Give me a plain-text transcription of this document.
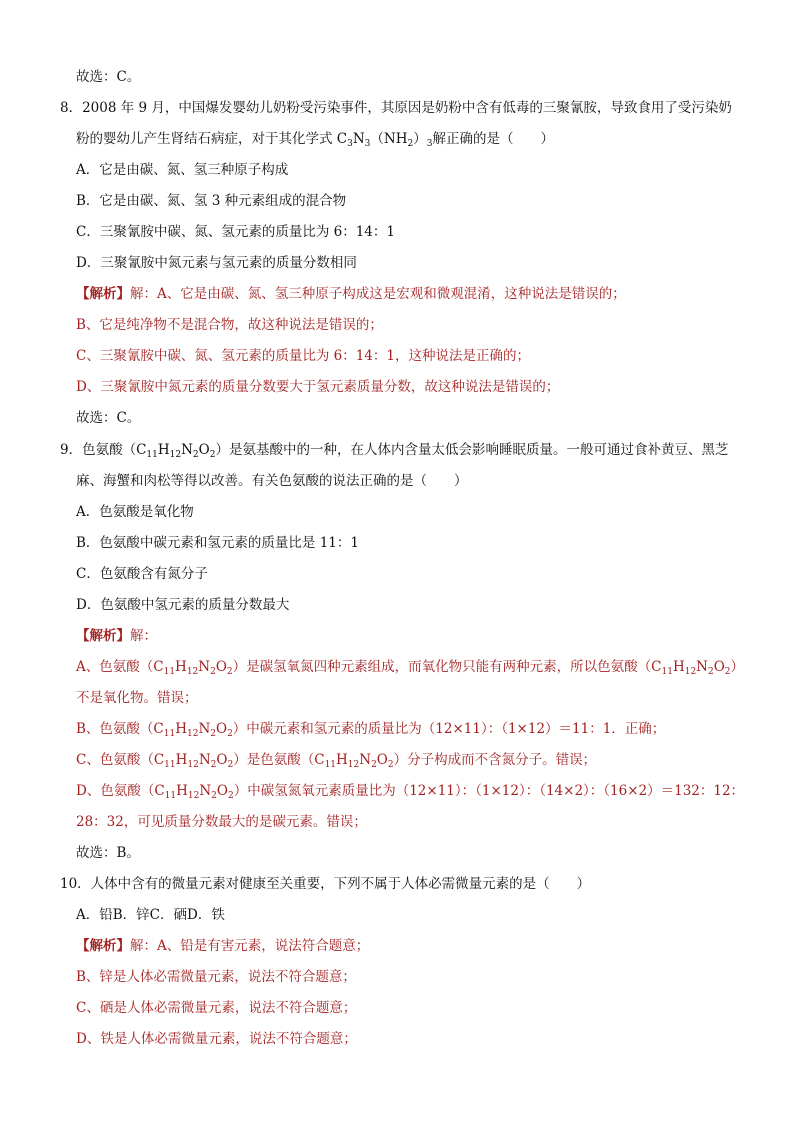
故选：C。
8．2008 年 9 月，中国爆发婴幼儿奶粉受污染事件，其原因是奶粉中含有低毒的三聚氰胺，导致食用了受污染奶
粉的婴幼儿产生肾结石病症，对于其化学式 $C_3N_3(NH_2)_3$解正确的是（　　）
A．它是由碳、氮、氢三种原子构成
B．它是由碳、氮、氢 3 种元素组成的混合物
C．三聚氰胺中碳、氮、氢元素的质量比为 6：14：1
D．三聚氰胺中氮元素与氢元素的质量分数相同
【解析】解：A、它是由碳、氮、氢三种原子构成这是宏观和微观混淆，这种说法是错误的；
B、它是纯净物不是混合物，故这种说法是错误的；
C、三聚氰胺中碳、氮、氢元素的质量比为 6：14：1，这种说法是正确的；
D、三聚氰胺中氮元素的质量分数要大于氢元素质量分数，故这种说法是错误的；
故选：C。
9．色氨酸$(C_{11}H_{12}N_2O_2)$是氨基酸中的一种，在人体内含量太低会影响睡眠质量。一般可通过食补黄豆、黑芝
麻、海蟹和肉松等得以改善。有关色氨酸的说法正确的是（　　）
A．色氨酸是氧化物
B．色氨酸中碳元素和氢元素的质量比是 11：1
C．色氨酸含有氮分子
D．色氨酸中氢元素的质量分数最大
【解析】解：
A、色氨酸$(C_{11}H_{12}N_2O_2)$是碳氢氧氮四种元素组成，而氧化物只能有两种元素，所以色氨酸$(C_{11}H_{12}N_2O_2)$
不是氧化物。错误；
B、色氨酸$(C_{11}H_{12}N_2O_2)$中碳元素和氢元素的质量比为（12×11）：（1×12）＝11：1．正确；
C、色氨酸$(C_{11}H_{12}N_2O_2)$是色氨酸$(C_{11}H_{12}N_2O_2)$分子构成而不含氮分子。错误；
D、色氨酸$(C_{11}H_{12}N_2O_2)$中碳氢氮氧元素质量比为（12×11）：（1×12）：（14×2）：（16×2）＝132：12：
28：32，可见质量分数最大的是碳元素。错误；
故选：B。
10．人体中含有的微量元素对健康至关重要，下列不属于人体必需微量元素的是（　　）
A．铅B．锌C．硒D．铁
【解析】解：A、铅是有害元素，说法符合题意；
B、锌是人体必需微量元素，说法不符合题意；
C、硒是人体必需微量元素，说法不符合题意；
D、铁是人体必需微量元素，说法不符合题意；
